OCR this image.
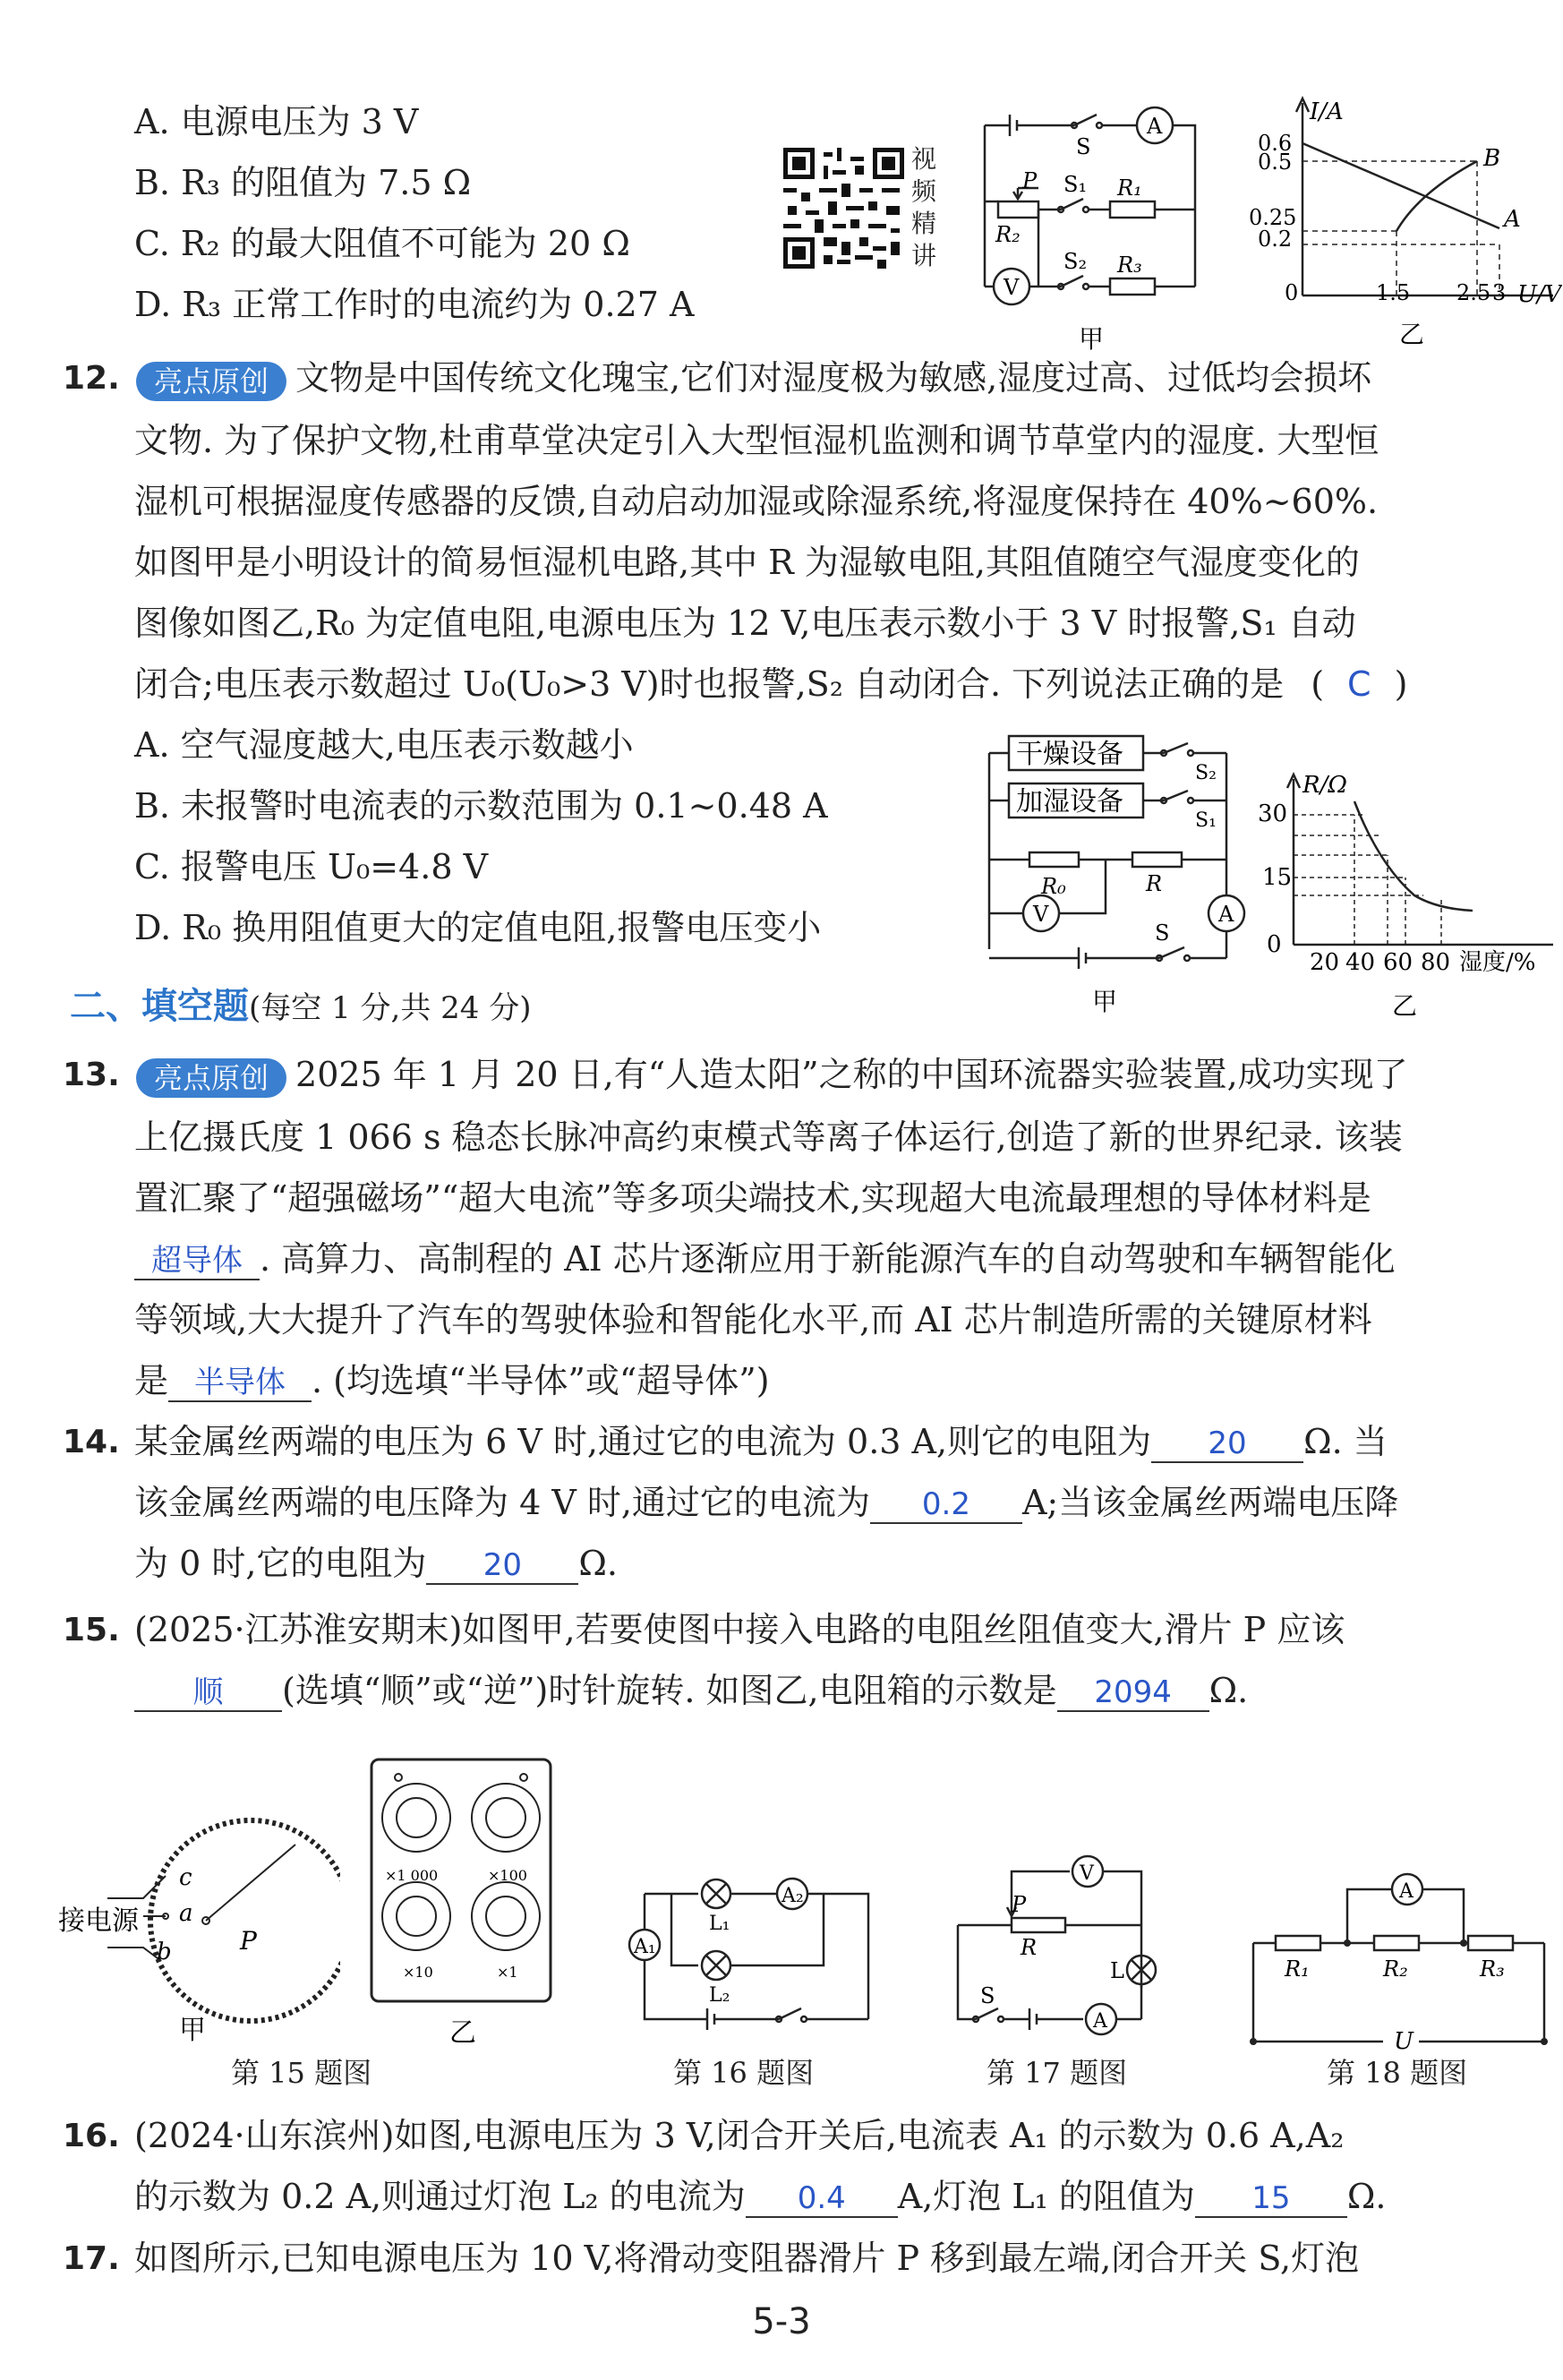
A. 电源电压为 3 V
B. R₃ 的阻值为 7.5 Ω
C. R₂ 的最大阻值不可能为 20 Ω
D. R₃ 正常工作时的电流约为 0.27 A
视频精讲
S
A
P S₁ R₁
R₂
S₂ R₃
V
甲
I/A
U/V
0.6
0.5
0.25
0.2
0	1.5 2.5 3
B
A
乙
12.	亮点原创 文物是中国传统文化瑰宝,它们对湿度极为敏感,湿度过高、过低均会损坏
文物. 为了保护文物,杜甫草堂决定引入大型恒湿机监测和调节草堂内的湿度. 大型恒
湿机可根据湿度传感器的反馈,自动启动加湿或除湿系统,将湿度保持在 40%~60%.
如图甲是小明设计的简易恒湿机电路,其中 R 为湿敏电阻,其阻值随空气湿度变化的
图像如图乙,R₀ 为定值电阻,电源电压为 12 V,电压表示数小于 3 V 时报警,S₁ 自动
闭合;电压表示数超过 U₀(U₀>3 V)时也报警,S₂ 自动闭合. 下列说法正确的是 ( C )
A. 空气湿度越大,电压表示数越小
B. 未报警时电流表的示数范围为 0.1~0.48 A
C. 报警电压 U₀=4.8 V
D. R₀ 换用阻值更大的定值电阻,报警电压变小
干燥设备
加湿设备
S₂
S₁
R₀	R
A
V
S
甲
R/Ω
30
15
0
20 40 60 80 湿度/%
乙
二、填空题(每空 1 分,共 24 分)
13.	亮点原创 2025 年 1 月 20 日,有“人造太阳”之称的中国环流器实验装置,成功实现了
上亿摄氏度 1 066 s 稳态长脉冲高约束模式等离子体运行,创造了新的世界纪录. 该装
置汇聚了“超强磁场”“超大电流”等多项尖端技术,实现超大电流最理想的导体材料是
超导体 . 高算力、高制程的 AI 芯片逐渐应用于新能源汽车的自动驾驶和车辆智能化
等领域,大大提升了汽车的驾驶体验和智能化水平,而 AI 芯片制造所需的关键原材料
是 半导体 . (均选填“半导体”或“超导体”)
14. 某金属丝两端的电压为 6 V 时,通过它的电流为 0.3 A,则它的电阻为 20 Ω. 当
该金属丝两端的电压降为 4 V 时,通过它的电流为 0.2 A;当该金属丝两端电压降
为 0 时,它的电阻为 20 Ω.
15. (2025·江苏淮安期末)如图甲,若要使图中接入电路的电阻丝阻值变大,滑片 P 应该
顺 (选填“顺”或“逆”)时针旋转. 如图乙,电阻箱的示数是 2094 Ω.
接电源
c
a
b	P
甲
×1 000	×100
×10	×1
乙
第 15 题图
A₁
L₁
A₂
L₂
第 16 题图
V
P
R
L
S
A
第 17 题图
A
R₁	R₂	R₃
U
第 18 题图
16. (2024·山东滨州)如图,电源电压为 3 V,闭合开关后,电流表 A₁ 的示数为 0.6 A,A₂
的示数为 0.2 A,则通过灯泡 L₂ 的电流为 0.4 A,灯泡 L₁ 的阻值为 15 Ω.
17. 如图所示,已知电源电压为 10 V,将滑动变阻器滑片 P 移到最左端,闭合开关 S,灯泡
5-3
